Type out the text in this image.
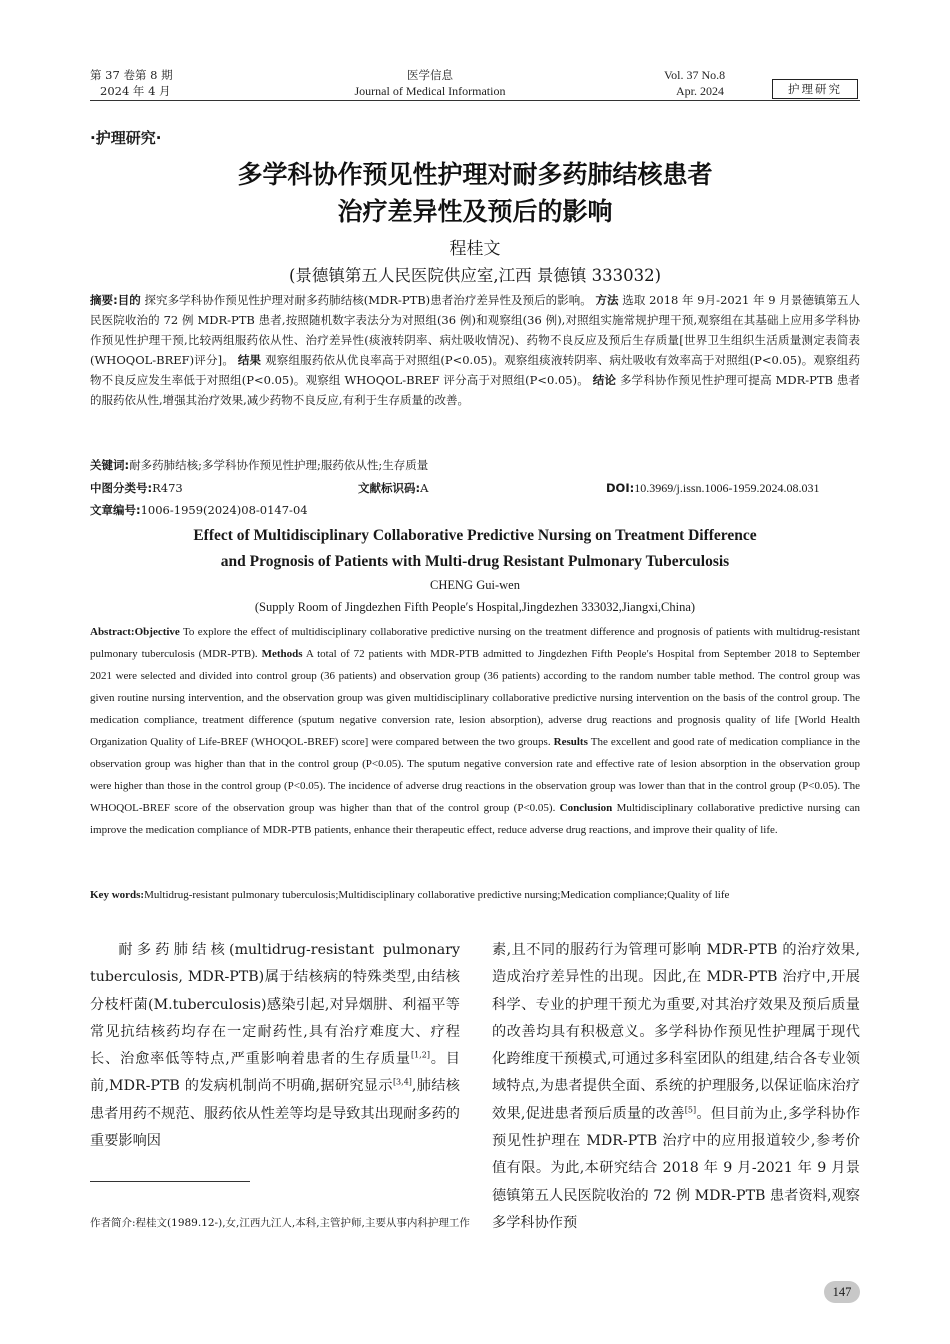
第 37 卷第 8 期
2024 年 4 月
医学信息
Journal of Medical Information
Vol. 37 No.8
Apr. 2024	护理研究
·护理研究·
多学科协作预见性护理对耐多药肺结核患者
治疗差异性及预后的影响
程桂文
(景德镇第五人民医院供应室,江西 景德镇 333032)
摘要:目的 探究多学科协作预见性护理对耐多药肺结核(MDR-PTB)患者治疗差异性及预后的影响。 方法 选取 2018 年 9月-2021 年 9 月景德镇第五人民医院收治的 72 例 MDR-PTB 患者,按照随机数字表法分为对照组(36 例)和观察组(36 例),对照组实施常规护理干预,观察组在其基础上应用多学科协作预见性护理干预,比较两组服药依从性、治疗差异性(痰液转阴率、病灶吸收情况)、药物不良反应及预后生存质量[世界卫生组织生活质量测定表简表(WHOQOL-BREF)评分]。 结果 观察组服药依从优良率高于对照组(P<0.05)。观察组痰液转阴率、病灶吸收有效率高于对照组(P<0.05)。观察组药物不良反应发生率低于对照组(P<0.05)。观察组 WHOQOL-BREF 评分高于对照组(P<0.05)。 结论 多学科协作预见性护理可提高 MDR-PTB 患者的服药依从性,增强其治疗效果,减少药物不良反应,有利于生存质量的改善。
关键词:耐多药肺结核;多学科协作预见性护理;服药依从性;生存质量
中图分类号:R473	文献标识码:A	DOI:10.3969/j.issn.1006-1959.2024.08.031
文章编号:1006-1959(2024)08-0147-04
Effect of Multidisciplinary Collaborative Predictive Nursing on Treatment Difference
and Prognosis of Patients with Multi-drug Resistant Pulmonary Tuberculosis
CHENG Gui-wen
(Supply Room of Jingdezhen Fifth People′s Hospital,Jingdezhen 333032,Jiangxi,China)
Abstract:Objective To explore the effect of multidisciplinary collaborative predictive nursing on the treatment difference and prognosis of patients with multidrug-resistant pulmonary tuberculosis (MDR-PTB). Methods A total of 72 patients with MDR-PTB admitted to Jingdezhen Fifth People′s Hospital from September 2018 to September 2021 were selected and divided into control group (36 patients) and observation group (36 patients) according to the random number table method. The control group was given routine nursing intervention, and the observation group was given multidisciplinary collaborative predictive nursing intervention on the basis of the control group. The medication compliance, treatment difference (sputum negative conversion rate, lesion absorption), adverse drug reactions and prognosis quality of life [World Health Organization Quality of Life-BREF (WHOQOL-BREF) score] were compared between the two groups. Results The excellent and good rate of medication compliance in the observation group was higher than that in the control group (P<0.05). The sputum negative conversion rate and effective rate of lesion absorption in the observation group were higher than those in the control group (P<0.05). The incidence of adverse drug reactions in the observation group was lower than that in the control group (P<0.05). The WHOQOL-BREF score of the observation group was higher than that of the control group (P<0.05). Conclusion Multidisciplinary collaborative predictive nursing can improve the medication compliance of MDR-PTB patients, enhance their therapeutic effect, reduce adverse drug reactions, and improve their quality of life.
Key words:Multidrug-resistant pulmonary tuberculosis;Multidisciplinary collaborative predictive nursing;Medication compliance;Quality of life

耐多药肺结核(multidrug-resistant pulmonary tuberculosis, MDR-PTB)属于结核病的特殊类型,由结核分枝杆菌(M.tuberculosis)感染引起,对异烟肼、利福平等常见抗结核药均存在一定耐药性,具有治疗难度大、疗程长、治愈率低等特点,严重影响着患者的生存质量[1,2]。目前,MDR-PTB 的发病机制尚不明确,据研究显示[3,4],肺结核患者用药不规范、服药依从性差等均是导致其出现耐多药的重要影响因

素,且不同的服药行为管理可影响 MDR-PTB 的治疗效果,造成治疗差异性的出现。因此,在 MDR-PTB 治疗中,开展科学、专业的护理干预尤为重要,对其治疗效果及预后质量的改善均具有积极意义。多学科协作预见性护理属于现代化跨维度干预模式,可通过多科室团队的组建,结合各专业领域特点,为患者提供全面、系统的护理服务,以保证临床治疗效果,促进患者预后质量的改善[5]。但目前为止,多学科协作预见性护理在 MDR-PTB 治疗中的应用报道较少,参考价值有限。为此,本研究结合 2018 年 9 月-2021 年 9 月景德镇第五人民医院收治的 72 例 MDR-PTB 患者资料,观察多学科协作预

作者简介:程桂文(1989.12-),女,江西九江人,本科,主管护师,主要从事内科护理工作
147
